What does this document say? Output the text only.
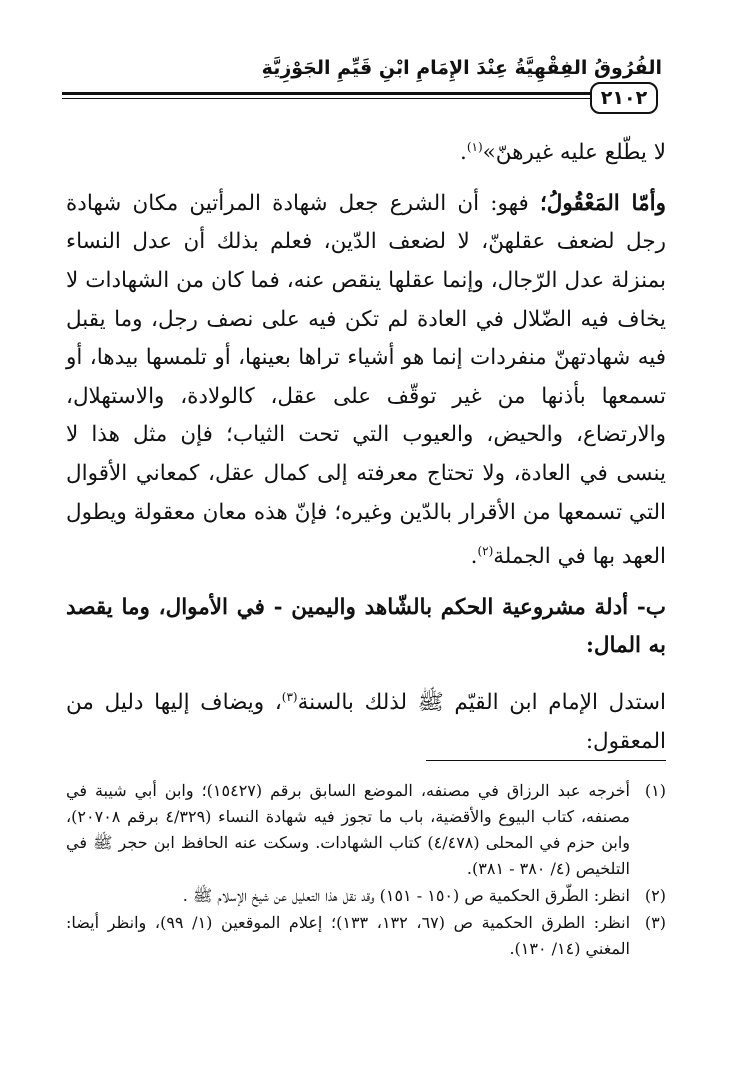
الفُرُوقُ الفِقْهِيَّةُ عِنْدَ الإِمَامِ ابْنِ قَيِّمِ الجَوْزِيَّةِ
٢١٠٢

لا يطّلع عليه غيرهنّ»$^{(١)}$.

وأمّا المَعْقُولُ؛ فهو: أن الشرع جعل شهادة المرأتين مكان شهادة رجل لضعف عقلهنّ، لا لضعف الدّين، فعلم بذلك أن عدل النساء بمنزلة عدل الرّجال، وإنما عقلها ينقص عنه، فما كان من الشهادات لا يخاف فيه الضّلال في العادة لم تكن فيه على نصف رجل، وما يقبل فيه شهادتهنّ منفردات إنما هو أشياء تراها بعينها، أو تلمسها بيدها، أو تسمعها بأذنها من غير توقّف على عقل، كالولادة، والاستهلال، والارتضاع، والحيض، والعيوب التي تحت الثياب؛ فإن مثل هذا لا ينسى في العادة، ولا تحتاج معرفته إلى كمال عقل، كمعاني الأقوال التي تسمعها من الأقرار بالدّين وغيره؛ فإنّ هذه معان معقولة ويطول العهد بها في الجملة$^{(٢)}$.

ب- أدلة مشروعية الحكم بالشّاهد واليمين - في الأموال، وما يقصد به المال:

استدل الإمام ابن القيّم ﷺ لذلك بالسنة$^{(٣)}$، ويضاف إليها دليل من المعقول:

(١)
أخرجه عبد الرزاق في مصنفه، الموضع السابق برقم (١٥٤٢٧)؛ وابن أبي شيبة في مصنفه، كتاب البيوع والأقضية، باب ما تجوز فيه شهادة النساء (٤/٣٢٩ برقم ٢٠٧٠٨)، وابن حزم في المحلى (٤/٤٧٨) كتاب الشهادات. وسكت عنه الحافظ ابن حجر ﷺ في التلخيص (٤/ ٣٨٠ - ٣٨١).
(٢)
انظر: الطّرق الحكمية ص (١٥٠ - ١٥١) وقد نقل هذا التعليل عن شيخ الإسلام ﷺ .
(٣)
انظر: الطرق الحكمية ص (٦٧، ١٣٢، ١٣٣)؛ إعلام الموقعين (١/ ٩٩)، وانظر أيضا: المغني (١٤/ ١٣٠).
